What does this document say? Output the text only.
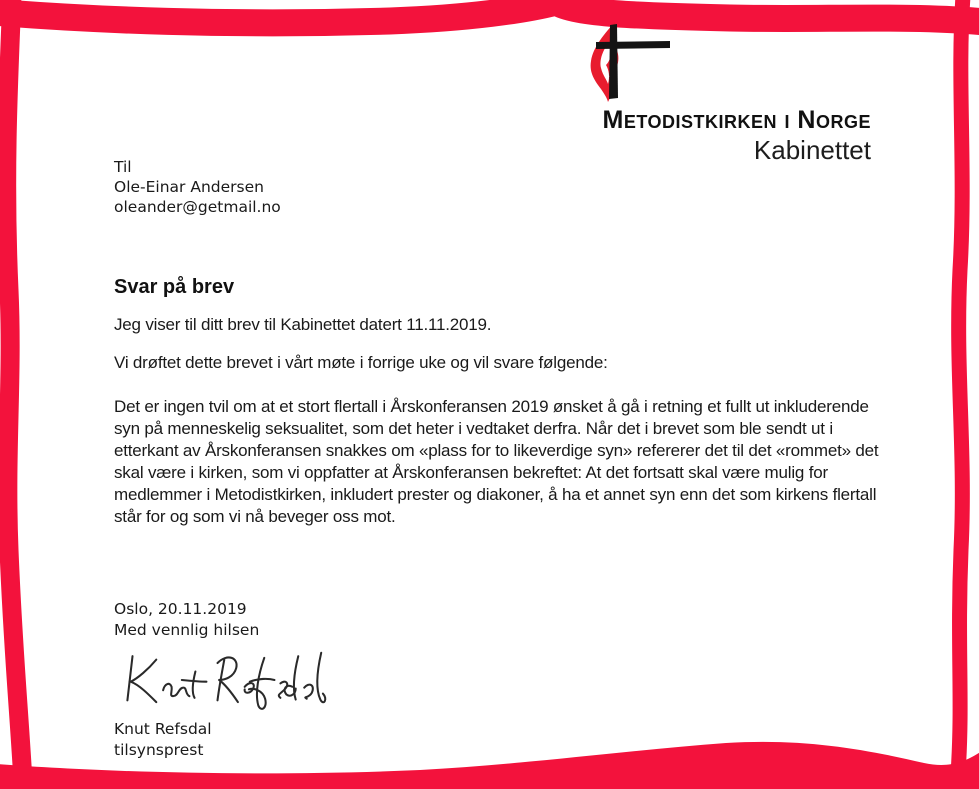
Metodistkirken i Norge
Kabinettet
Til
Ole-Einar Andersen
oleander@getmail.no
Svar på brev

Jeg viser til ditt brev til Kabinettet datert 11.11.2019.

Vi drøftet dette brevet i vårt møte i forrige uke og vil svare følgende:

Det er ingen tvil om at et stort flertall i Årskonferansen 2019 ønsket å gå i retning et fullt ut inkluderende syn på menneskelig seksualitet, som det heter i vedtaket derfra. Når det i brevet som ble sendt ut i etterkant av Årskonferansen snakkes om «plass for to likeverdige syn» refererer det til det «rommet» det skal være i kirken, som vi oppfatter at Årskonferansen bekreftet: At det fortsatt skal være mulig for medlemmer i Metodistkirken, inkludert prester og diakoner, å ha et annet syn enn det som kirkens flertall står for og som vi nå beveger oss mot.

Oslo, 20.11.2019
Med vennlig hilsen
Knut Refsdal
tilsynsprest
